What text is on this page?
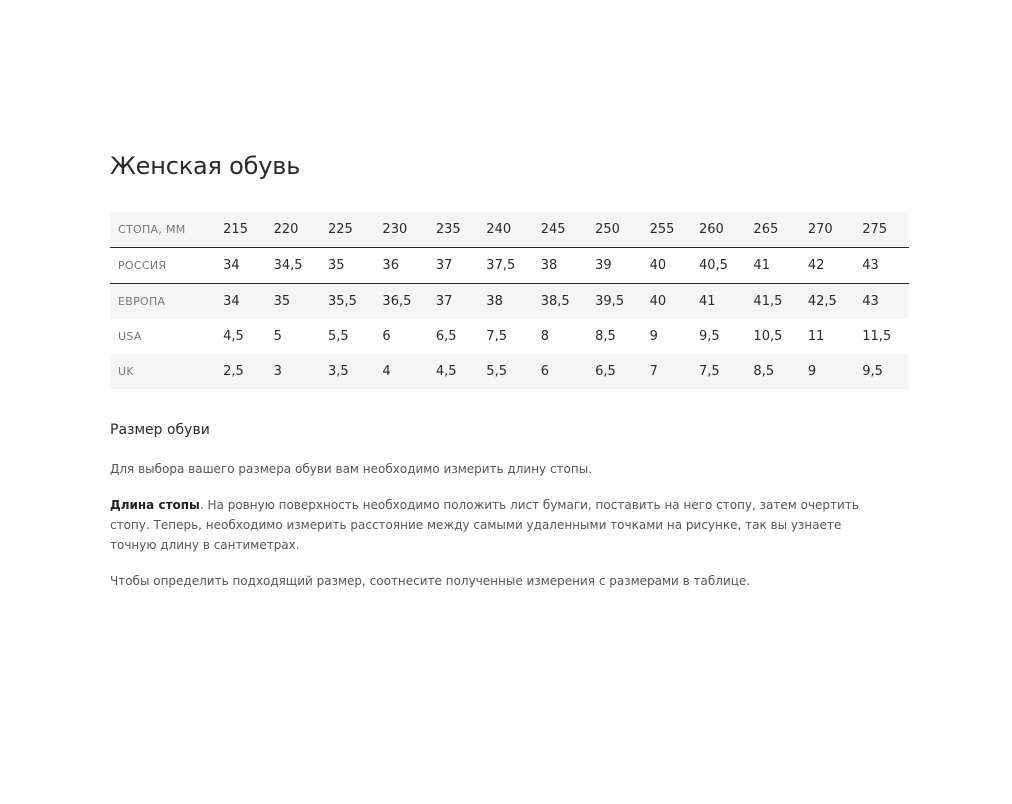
Женская обувь
СТОПА, ММ	215	220	225	230	235	240	245	250	255	260	265	270	275
РОССИЯ	34	34,5	35	36	37	37,5	38	39	40	40,5	41	42	43
ЕВРОПА	34	35	35,5	36,5	37	38	38,5	39,5	40	41	41,5	42,5	43
USA	4,5	5	5,5	6	6,5	7,5	8	8,5	9	9,5	10,5	11	11,5
UK	2,5	3	3,5	4	4,5	5,5	6	6,5	7	7,5	8,5	9	9,5
Размер обуви

Для выбора вашего размера обуви вам необходимо измерить длину стопы.

Длина стопы. На ровную поверхность необходимо положить лист бумаги, поставить на него стопу, затем очертить стопу. Теперь, необходимо измерить расстояние между самыми удаленными точками на рисунке, так вы узнаете точную длину в сантиметрах.

Чтобы определить подходящий размер, соотнесите полученные измерения с размерами в таблице.
